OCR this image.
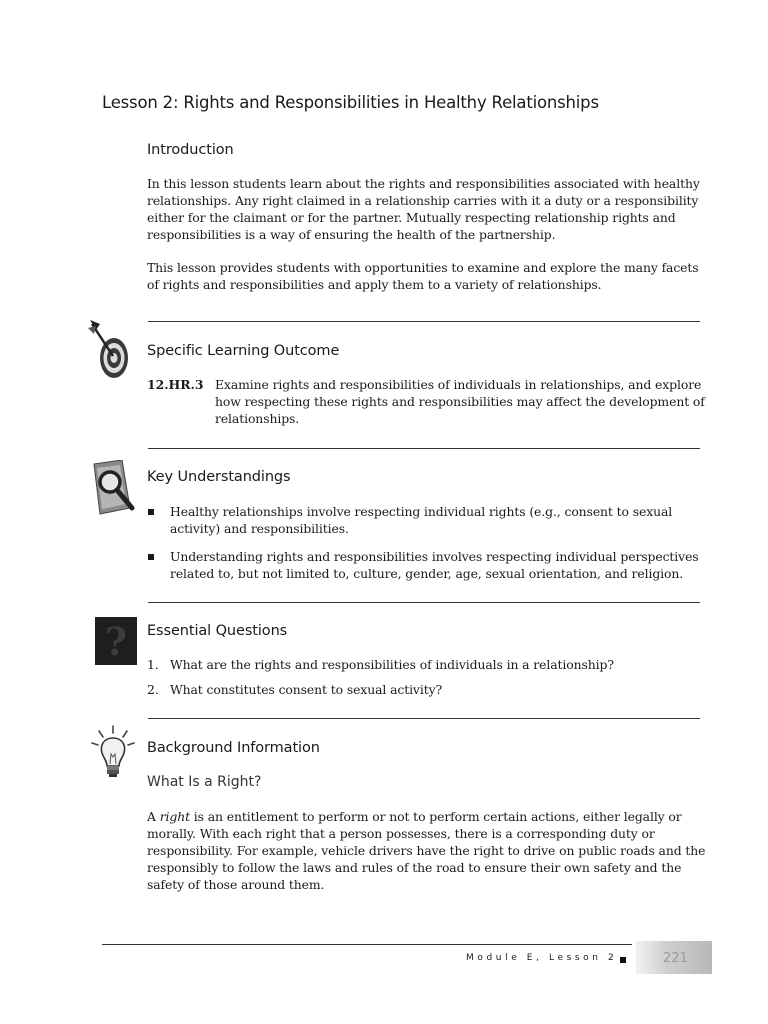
Lesson 2: Rights and Responsibilities in Healthy Relationships
Introduction

In this lesson students learn about the rights and responsibilities associated with healthy relationships. Any right claimed in a relationship carries with it a duty or a responsibility either for the claimant or for the partner. Mutually respecting relationship rights and responsibilities is a way of ensuring the health of the partnership.

This lesson provides students with opportunities to examine and explore the many facets of rights and responsibilities and apply them to a variety of relationships.

Specific Learning Outcome
12.HR.3 Examine rights and responsibilities of individuals in relationships, and explore how respecting these rights and responsibilities may affect the development of relationships.
Key Understandings

Healthy relationships involve respecting individual rights (e.g., consent to sexual activity) and responsibilities.

Understanding rights and responsibilities involves respecting individual perspectives related to, but not limited to, culture, gender, age, sexual orientation, and religion.

? Essential Questions
1. What are the rights and responsibilities of individuals in a relationship?

2. What constitutes consent to sexual activity?

Background Information
What Is a Right?

A right is an entitlement to perform or not to perform certain actions, either legally or morally. With each right that a person possesses, there is a corresponding duty or responsibility. For example, vehicle drivers have the right to drive on public roads and the responsibly to follow the laws and rules of the road to ensure their own safety and the safety of those around them.

Module E, Lesson 2	221
